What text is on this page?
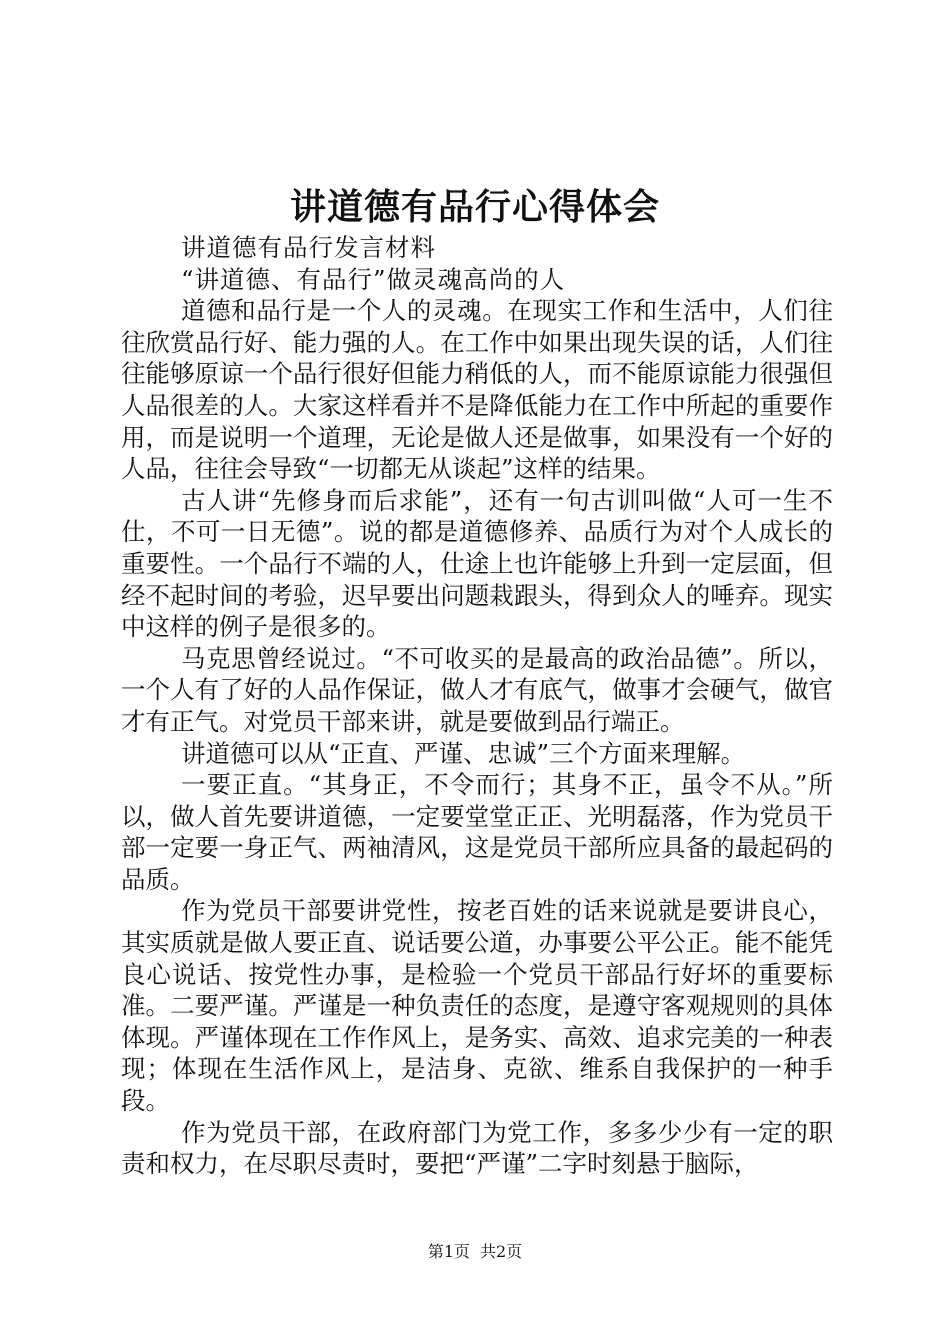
讲道德有品行心得体会

讲道德有品行发言材料

“讲道德、有品行”做灵魂高尚的人

道德和品行是一个人的灵魂。在现实工作和生活中，人们往往欣赏品行好、能力强的人。在工作中如果出现失误的话，人们往往能够原谅一个品行很好但能力稍低的人，而不能原谅能力很强但人品很差的人。大家这样看并不是降低能力在工作中所起的重要作用，而是说明一个道理，无论是做人还是做事，如果没有一个好的人品，往往会导致“一切都无从谈起”这样的结果。

古人讲“先修身而后求能”，还有一句古训叫做“人可一生不仕，不可一日无德”。说的都是道德修养、品质行为对个人成长的重要性。一个品行不端的人，仕途上也许能够上升到一定层面，但经不起时间的考验，迟早要出问题栽跟头，得到众人的唾弃。现实中这样的例子是很多的。

马克思曾经说过。“不可收买的是最高的政治品德”。所以，一个人有了好的人品作保证，做人才有底气，做事才会硬气，做官才有正气。对党员干部来讲，就是要做到品行端正。

讲道德可以从“正直、严谨、忠诚”三个方面来理解。

一要正直。“其身正，不令而行；其身不正，虽令不从。”所以，做人首先要讲道德，一定要堂堂正正、光明磊落，作为党员干部一定要一身正气、两袖清风，这是党员干部所应具备的最起码的品质。

作为党员干部要讲党性，按老百姓的话来说就是要讲良心，其实质就是做人要正直、说话要公道，办事要公平公正。能不能凭良心说话、按党性办事，是检验一个党员干部品行好坏的重要标准。二要严谨。严谨是一种负责任的态度，是遵守客观规则的具体体现。严谨体现在工作作风上，是务实、高效、追求完美的一种表现；体现在生活作风上，是洁身、克欲、维系自我保护的一种手段。

作为党员干部，在政府部门为党工作，多多少少有一定的职责和权力，在尽职尽责时，要把“严谨”二字时刻悬于脑际，

第1页 共2页
